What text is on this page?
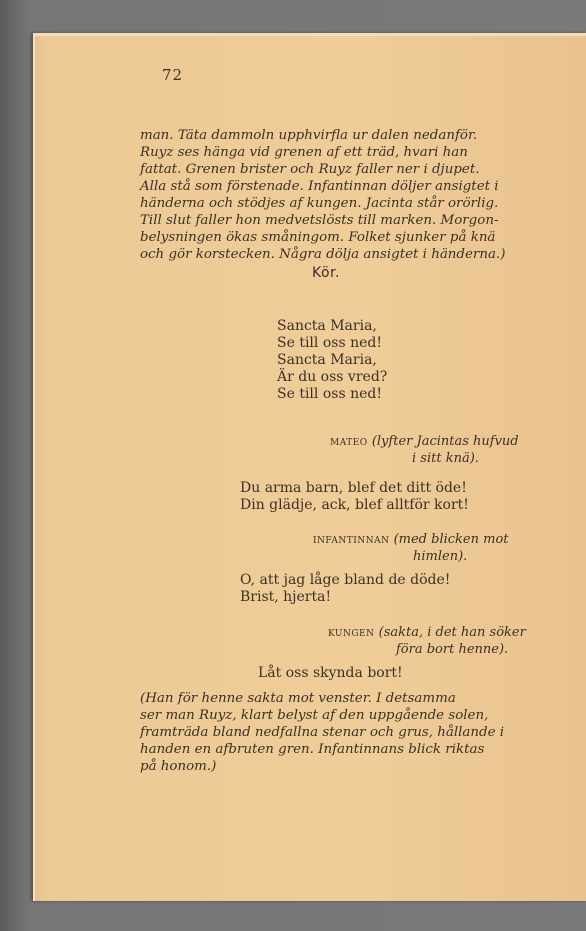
72
man. Täta dammoln upphvirfla ur dalen nedanför.
Ruyz ses hänga vid grenen af ett träd, hvari han
fattat. Grenen brister och Ruyz faller ner i djupet.
Alla stå som förstenade. Infantinnan döljer ansigtet i
händerna och stödjes af kungen. Jacinta står orörlig.
Till slut faller hon medvetslösts till marken. Morgon-
belysningen ökas småningom. Folket sjunker på knä
och gör korstecken. Några dölja ansigtet i händerna.)
Kör.
Sancta Maria,
Se till oss ned!
Sancta Maria,
Är du oss vred?
Se till oss ned!
mateo (lyfter Jacintas hufvud
i sitt knä).
Du arma barn, blef det ditt öde!
Din glädje, ack, blef alltför kort!
infantinnan (med blicken mot
himlen).
O, att jag låge bland de döde!
Brist, hjerta!
kungen (sakta, i det han söker
föra bort henne).
Låt oss skynda bort!
(Han för henne sakta mot venster. I detsamma
ser man Ruyz, klart belyst af den uppgående solen,
framträda bland nedfallna stenar och grus, hållande i
handen en afbruten gren. Infantinnans blick riktas
på honom.)
